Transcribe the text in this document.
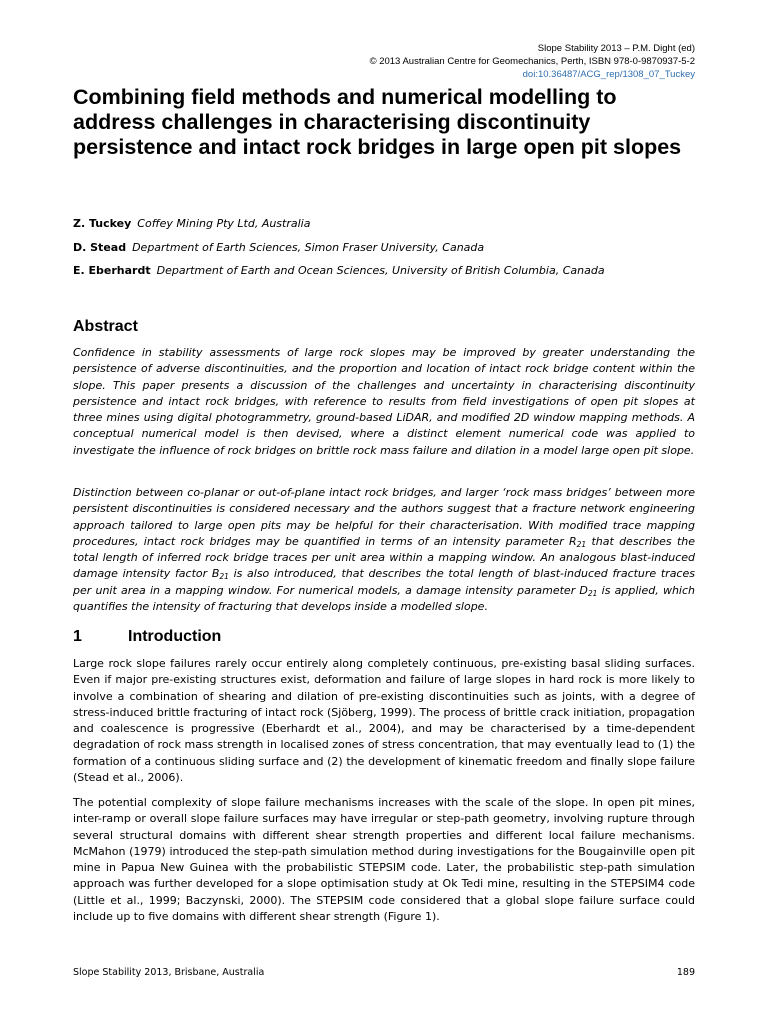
Slope Stability 2013 – P.M. Dight (ed)
© 2013 Australian Centre for Geomechanics, Perth, ISBN 978-0-9870937-5-2
doi:10.36487/ACG_rep/1308_07_Tuckey
Combining field methods and numerical modelling to address challenges in characterising discontinuity persistence and intact rock bridges in large open pit slopes
Z. Tuckey Coffey Mining Pty Ltd, Australia
D. Stead Department of Earth Sciences, Simon Fraser University, Canada
E. Eberhardt Department of Earth and Ocean Sciences, University of British Columbia, Canada
Abstract

Confidence in stability assessments of large rock slopes may be improved by greater understanding the persistence of adverse discontinuities, and the proportion and location of intact rock bridge content within the slope. This paper presents a discussion of the challenges and uncertainty in characterising discontinuity persistence and intact rock bridges, with reference to results from field investigations of open pit slopes at three mines using digital photogrammetry, ground-based LiDAR, and modified 2D window mapping methods. A conceptual numerical model is then devised, where a distinct element numerical code was applied to investigate the influence of rock bridges on brittle rock mass failure and dilation in a model large open pit slope.

Distinction between co-planar or out-of-plane intact rock bridges, and larger ‘rock mass bridges’ between more persistent discontinuities is considered necessary and the authors suggest that a fracture network engineering approach tailored to large open pits may be helpful for their characterisation. With modified trace mapping procedures, intact rock bridges may be quantified in terms of an intensity parameter $R_{21}$ that describes the total length of inferred rock bridge traces per unit area within a mapping window. An analogous blast-induced damage intensity factor $B_{21}$ is also introduced, that describes the total length of blast-induced fracture traces per unit area in a mapping window. For numerical models, a damage intensity parameter $D_{21}$ is applied, which quantifies the intensity of fracturing that develops inside a modelled slope.

1	Introduction

Large rock slope failures rarely occur entirely along completely continuous, pre-existing basal sliding surfaces. Even if major pre-existing structures exist, deformation and failure of large slopes in hard rock is more likely to involve a combination of shearing and dilation of pre-existing discontinuities such as joints, with a degree of stress-induced brittle fracturing of intact rock (Sjöberg, 1999). The process of brittle crack initiation, propagation and coalescence is progressive (Eberhardt et al., 2004), and may be characterised by a time-dependent degradation of rock mass strength in localised zones of stress concentration, that may eventually lead to (1) the formation of a continuous sliding surface and (2) the development of kinematic freedom and finally slope failure (Stead et al., 2006).

The potential complexity of slope failure mechanisms increases with the scale of the slope. In open pit mines, inter-ramp or overall slope failure surfaces may have irregular or step-path geometry, involving rupture through several structural domains with different shear strength properties and different local failure mechanisms. McMahon (1979) introduced the step-path simulation method during investigations for the Bougainville open pit mine in Papua New Guinea with the probabilistic STEPSIM code. Later, the probabilistic step-path simulation approach was further developed for a slope optimisation study at Ok Tedi mine, resulting in the STEPSIM4 code (Little et al., 1999; Baczynski, 2000). The STEPSIM code considered that a global slope failure surface could include up to five domains with different shear strength (Figure 1).

Slope Stability 2013, Brisbane, Australia	189
